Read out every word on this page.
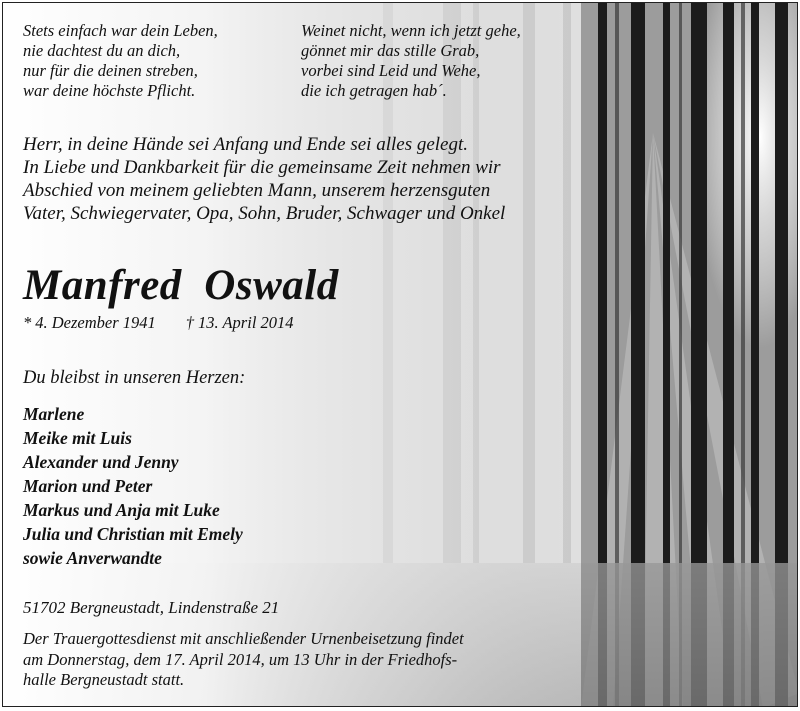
Stets einfach war dein Leben,
nie dachtest du an dich,
nur für die deinen streben,
war deine höchste Pflicht.
Weinet nicht, wenn ich jetzt gehe,
gönnet mir das stille Grab,
vorbei sind Leid und Wehe,
die ich getragen hab´.
Herr, in deine Hände sei Anfang und Ende sei alles gelegt.
In Liebe und Dankbarkeit für die gemeinsame Zeit nehmen wir
Abschied von meinem geliebten Mann, unserem herzensguten
Vater, Schwiegervater, Opa, Sohn, Bruder, Schwager und Onkel
Manfred  Oswald
* 4. Dezember 1941 † 13. April 2014
Du bleibst in unseren Herzen:
Marlene
Meike mit Luis
Alexander und Jenny
Marion und Peter
Markus und Anja mit Luke
Julia und Christian mit Emely
sowie Anverwandte
51702 Bergneustadt, Lindenstraße 21
Der Trauergottesdienst mit anschließender Urnenbeisetzung findet
am Donnerstag, dem 17. April 2014, um 13 Uhr in der Friedhofs-
halle Bergneustadt statt.
